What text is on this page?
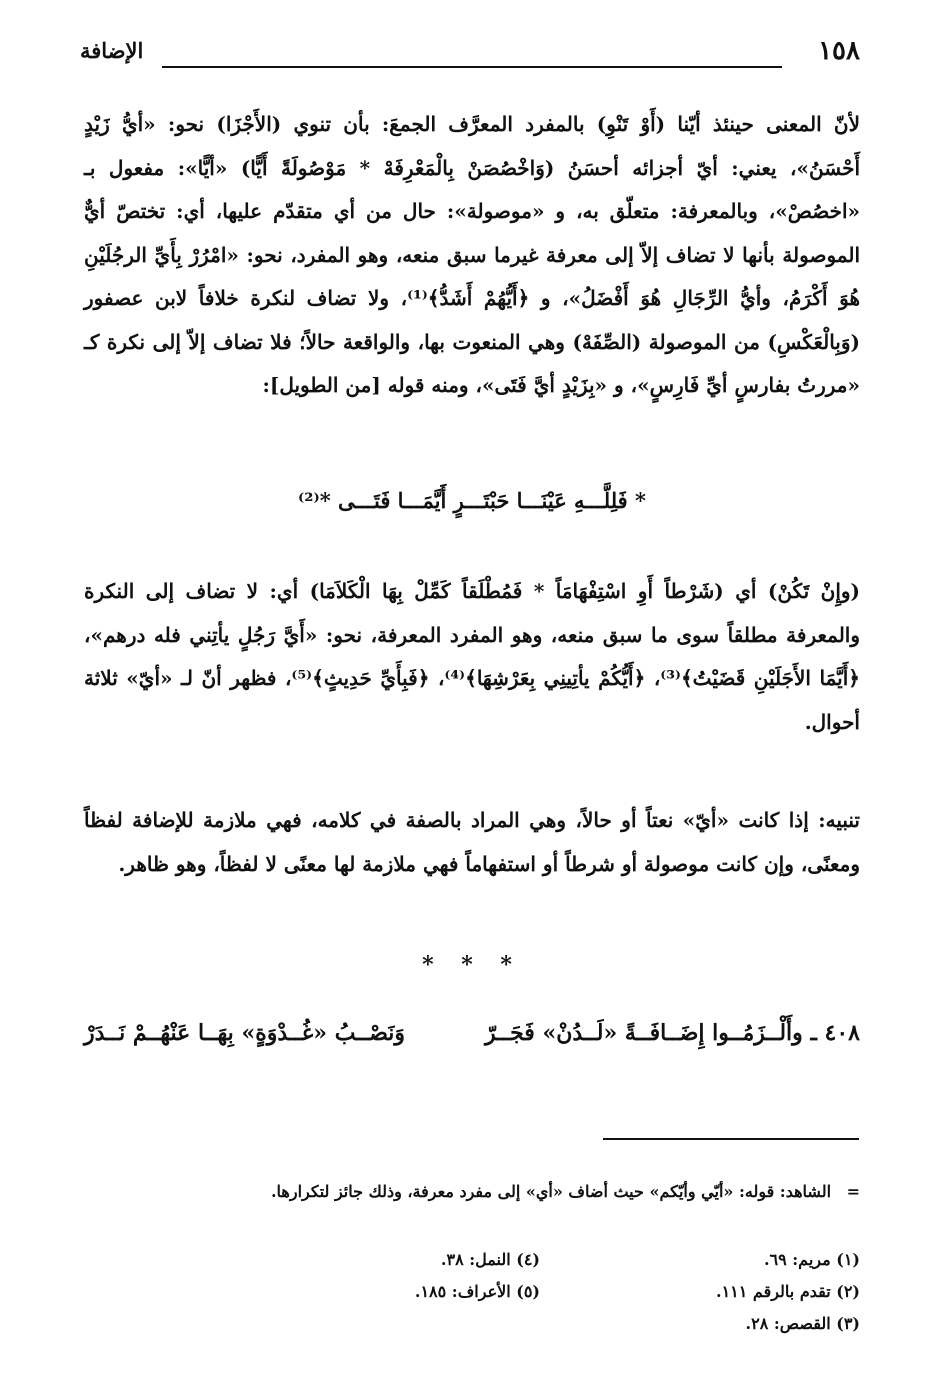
١٥٨
الإضافة
لأنّ المعنى حينئذ أيّنا (أَوْ تَنْوِ) بالمفرد المعرَّف الجمعَ: بأن تنوي (الأَجْزَا) نحو: «أيُّ زَيْدٍ أَحْسَنُ»، يعني: أيّ أجزائه أحسَنُ (وَاخْصُصَنْ بِالْمَعْرِفَهْ * مَوْصُولَةً أَيًّا) «أيًّا»: مفعول بـ «اخصُصْ»، وبالمعرفة: متعلّق به، و «موصولة»: حال من أي متقدّم عليها، أي: تختصّ أيٌّ الموصولة بأنها لا تضاف إلاّ إلى معرفة غيرما سبق منعه، وهو المفرد، نحو: «امْرُرْ بِأَيِّ الرجُلَيْنِ هُوَ أَكْرَمُ، وأيُّ الرِّجَالِ هُوَ أَفْضَلُ»، و ﴿أَيُّهُمْ أَشَدُّ﴾⁽¹⁾، ولا تضاف لنكرة خلافاً لابن عصفور (وَبِالْعَكْسِ) من الموصولة (الصِّفَهْ) وهي المنعوت بها، والواقعة حالاً؛ فلا تضاف إلاّ إلى نكرة كـ «مررتُ بفارسٍ أيِّ فَارِسٍ»، و «بِزَيْدٍ أيَّ فَتَى»، ومنه قوله [من الطويل]:
* فَلِلَّـــهِ عَيْنَـــا حَبْتَـــرٍ أَيَّمَـــا فَتَـــى *⁽²⁾
(وإِنْ تَكُنْ) أي (شَرْطاً أَوِ اسْتِفْهَامَاً * فَمُطْلَقاً كَمِّلْ بِهَا الْكَلاَمَا) أي: لا تضاف إلى النكرة والمعرفة مطلقاً سوى ما سبق منعه، وهو المفرد المعرفة، نحو: «أَيَّ رَجُلٍ يأتِني فله درهم»، ﴿أَيَّمَا الأَجَلَيْنِ قَضَيْتُ﴾⁽³⁾، ﴿أَيُّكُمْ يأتِينِي بِعَرْشِهَا﴾⁽⁴⁾، ﴿فَبِأَيِّ حَدِيثٍ﴾⁽⁵⁾، فظهر أنّ لـ «أيّ» ثلاثة أحوال.
تنبيه: إذا كانت «أيّ» نعتاً أو حالاً، وهي المراد بالصفة في كلامه، فهي ملازمة للإضافة لفظاً ومعنًى، وإن كانت موصولة أو شرطاً أو استفهاماً فهي ملازمة لها معنًى لا لفظاً، وهو ظاهر.
* * *
٤٠٨ ـ وأَلْــزَمُــوا إِضَــافَــةً «لَــدُنْ» فَجَــرّ
وَنَصْــبُ «غُــدْوَةٍ» بِهَــا عَنْهُــمْ نَــدَرْ
= الشاهد: قوله: «أيّي وأيّكم» حيث أضاف «أي» إلى مفرد معرفة، وذلك جائز لتكرارها.
(١) مريم: ٦٩.
(٢) تقدم بالرقم ١١١.
(٣) القصص: ٢٨.
(٤) النمل: ٣٨.
(٥) الأعراف: ١٨٥.
